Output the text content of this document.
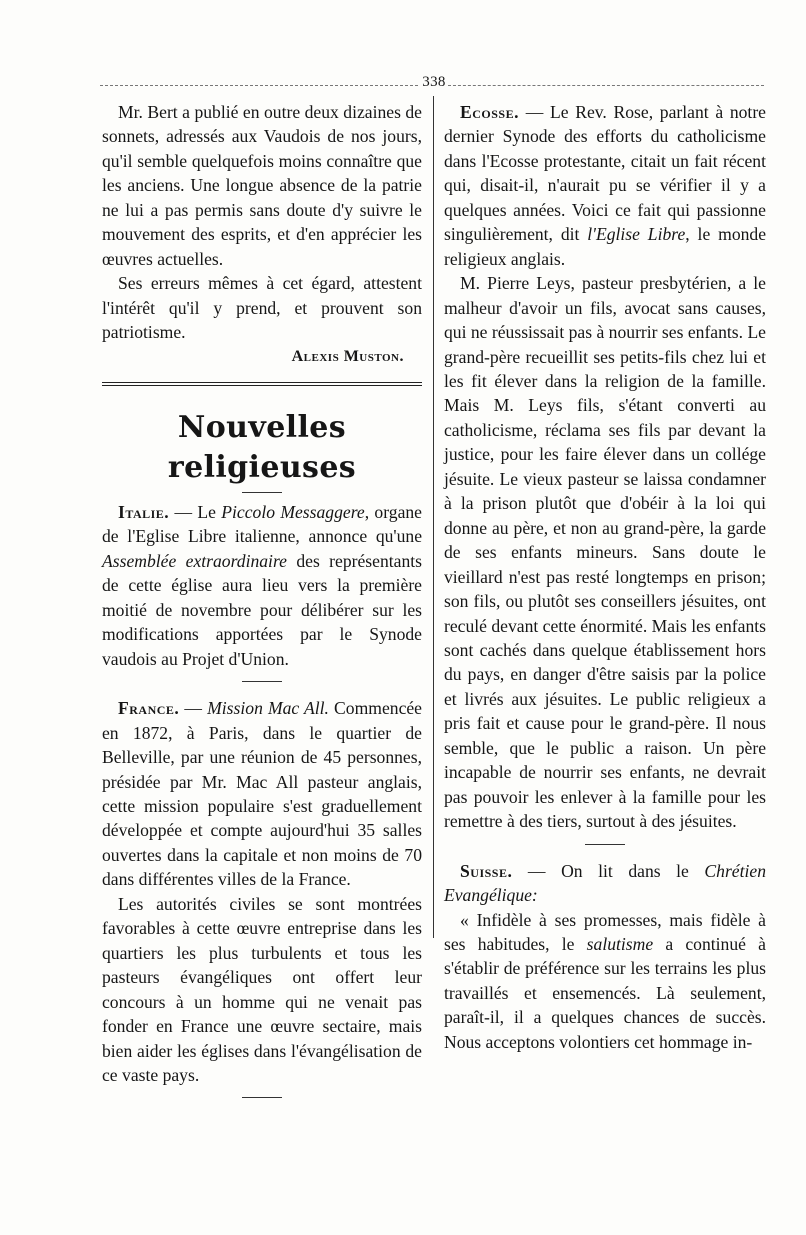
338

Mr. Bert a publié en outre deux dizaines de sonnets, adressés aux Vaudois de nos jours, qu'il semble quelquefois moins connaître que les anciens. Une longue absence de la patrie ne lui a pas permis sans doute d'y suivre le mouvement des esprits, et d'en apprécier les œuvres actuelles.

Ses erreurs mêmes à cet égard, attestent l'intérêt qu'il y prend, et prouvent son patriotisme.

Alexis Muston.
Nouvelles religieuses

Italie. — Le Piccolo Messaggere, organe de l'Eglise Libre italienne, annonce qu'une Assemblée extraordinaire des représentants de cette église aura lieu vers la première moitié de novembre pour délibérer sur les modifications apportées par le Synode vaudois au Projet d'Union.

France. — Mission Mac All. Commencée en 1872, à Paris, dans le quartier de Belleville, par une réunion de 45 personnes, présidée par Mr. Mac All pasteur anglais, cette mission populaire s'est graduellement développée et compte aujourd'hui 35 salles ouvertes dans la capitale et non moins de 70 dans différentes villes de la France.

Les autorités civiles se sont montrées favorables à cette œuvre entreprise dans les quartiers les plus turbulents et tous les pasteurs évangéliques ont offert leur concours à un homme qui ne venait pas fonder en France une œuvre sectaire, mais bien aider les églises dans l'évangélisation de ce vaste pays.

Ecosse. — Le Rev. Rose, parlant à notre dernier Synode des efforts du catholicisme dans l'Ecosse protestante, citait un fait récent qui, disait-il, n'aurait pu se vérifier il y a quelques années. Voici ce fait qui passionne singulièrement, dit l'Eglise Libre, le monde religieux anglais.

M. Pierre Leys, pasteur presbytérien, a le malheur d'avoir un fils, avocat sans causes, qui ne réussissait pas à nourrir ses enfants. Le grand-père recueillit ses petits-fils chez lui et les fit élever dans la religion de la famille. Mais M. Leys fils, s'étant converti au catholicisme, réclama ses fils par devant la justice, pour les faire élever dans un collége jésuite. Le vieux pasteur se laissa condamner à la prison plutôt que d'obéir à la loi qui donne au père, et non au grand-père, la garde de ses enfants mineurs. Sans doute le vieillard n'est pas resté longtemps en prison; son fils, ou plutôt ses conseillers jésuites, ont reculé devant cette énormité. Mais les enfants sont cachés dans quelque établissement hors du pays, en danger d'être saisis par la police et livrés aux jésuites. Le public religieux a pris fait et cause pour le grand-père. Il nous semble, que le public a raison. Un père incapable de nourrir ses enfants, ne devrait pas pouvoir les enlever à la famille pour les remettre à des tiers, surtout à des jésuites.

Suisse. — On lit dans le Chrétien Evangélique:

« Infidèle à ses promesses, mais fidèle à ses habitudes, le salutisme a continué à s'établir de préférence sur les terrains les plus travaillés et ensemencés. Là seulement, paraît-il, il a quelques chances de succès. Nous acceptons volontiers cet hommage in-
